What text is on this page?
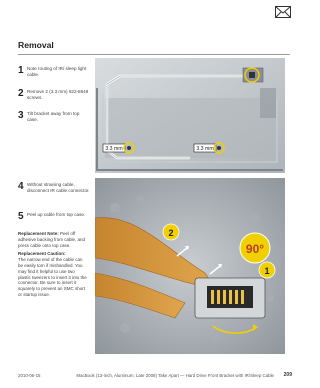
Removal
1 Note routing of IR/ sleep light cable.
2 Remove 2 (3.3 mm) 922-8649 screws.
3 Tilt bracket away from top case.
4 Without straining cable, disconnect IR cable connector.
5 Peel up cable from top case.

Replacement Note: Peel off adhesive backing from cable, and press cable onto top case.

Replacement Caution:
The narrow end of the cable can be easily torn if mishandled. You may find it helpful to use two plastic tweezers to insert it into the connector. Be sure to insert it squarely to prevent an SMC short or startup issue.

3.3 mm	3.3 mm
90°
2
1
2010-06-15	MacBook (13-inch, Aluminum, Late 2008) Take Apart — Hard Drive Front Bracket with IR/Sleep Cable 209
